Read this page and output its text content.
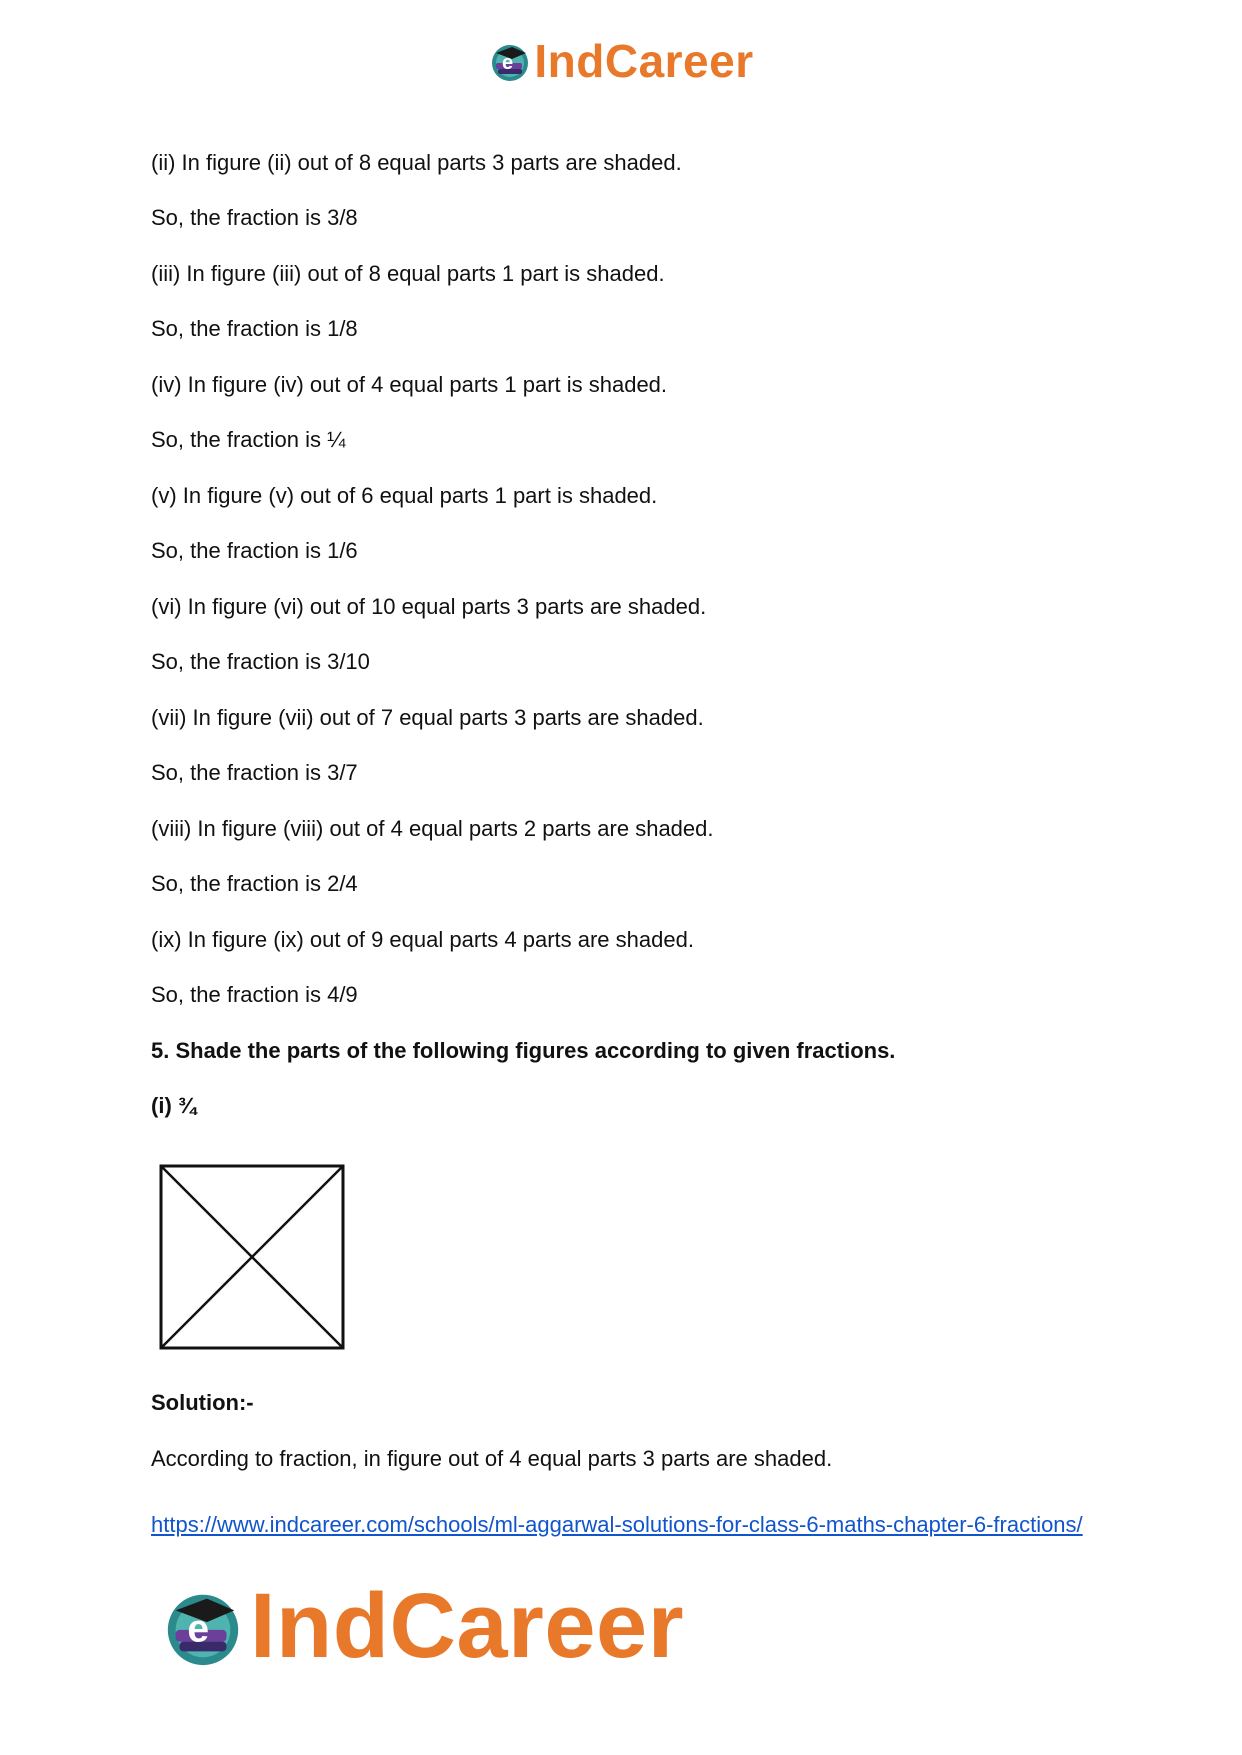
e IndCareer
(ii) In figure (ii) out of 8 equal parts 3 parts are shaded.
So, the fraction is 3/8
(iii) In figure (iii) out of 8 equal parts 1 part is shaded.
So, the fraction is 1/8
(iv) In figure (iv) out of 4 equal parts 1 part is shaded.
So, the fraction is ¼
(v) In figure (v) out of 6 equal parts 1 part is shaded.
So, the fraction is 1/6
(vi) In figure (vi) out of 10 equal parts 3 parts are shaded.
So, the fraction is 3/10
(vii) In figure (vii) out of 7 equal parts 3 parts are shaded.
So, the fraction is 3/7
(viii) In figure (viii) out of 4 equal parts 2 parts are shaded.
So, the fraction is 2/4
(ix) In figure (ix) out of 9 equal parts 4 parts are shaded.
So, the fraction is 4/9
5. Shade the parts of the following figures according to given fractions.
(i) ¾
Solution:-
According to fraction, in figure out of 4 equal parts 3 parts are shaded.
https://www.indcareer.com/schools/ml-aggarwal-solutions-for-class-6-maths-chapter-6-fractions/
e IndCareer
